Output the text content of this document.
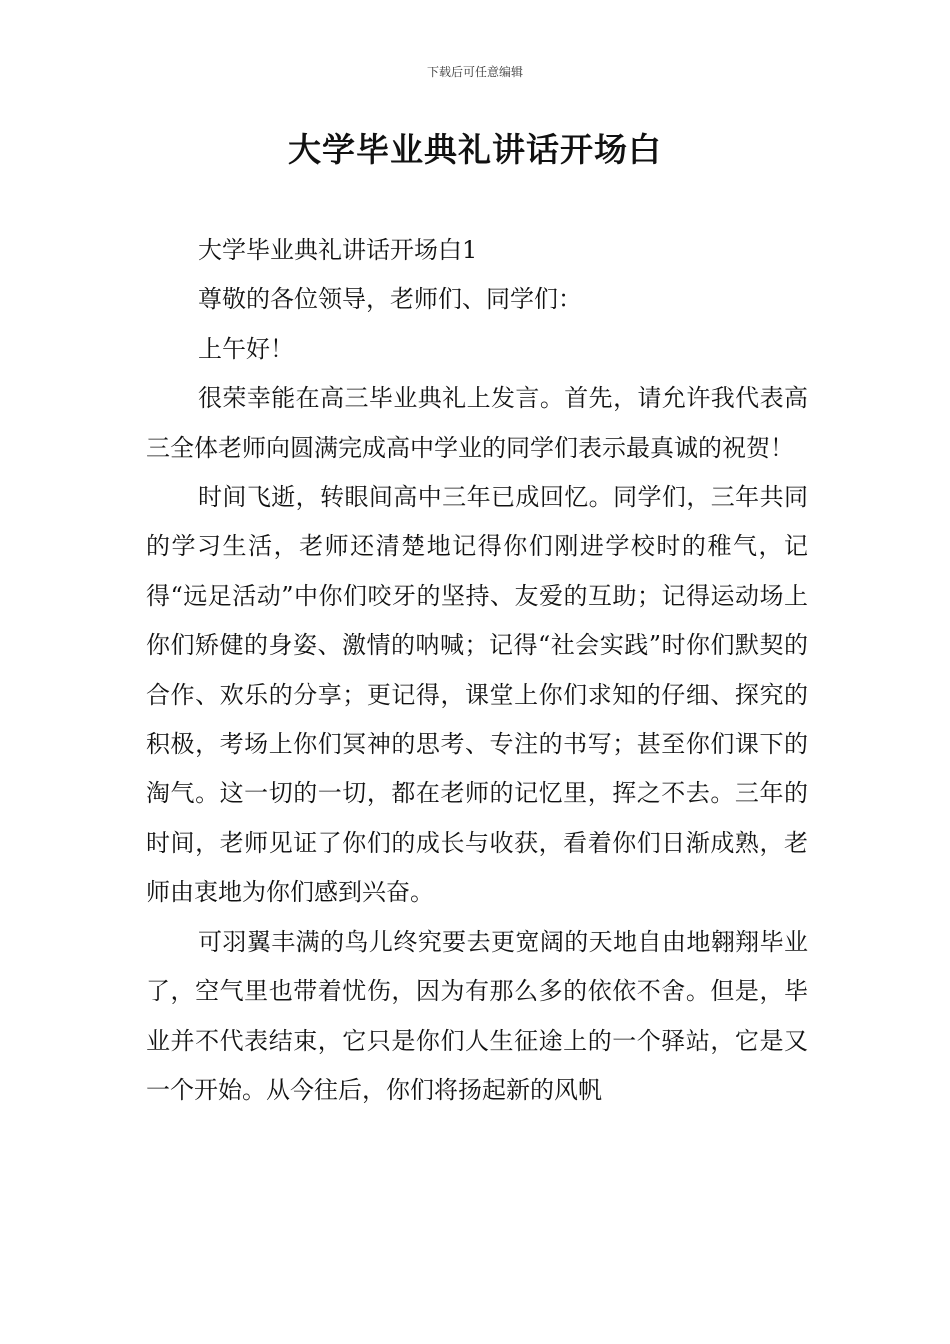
下载后可任意编辑
大学毕业典礼讲话开场白

大学毕业典礼讲话开场白1

尊敬的各位领导，老师们、同学们：

上午好！

很荣幸能在高三毕业典礼上发言。首先，请允许我代表高三全体老师向圆满完成高中学业的同学们表示最真诚的祝贺！

时间飞逝，转眼间高中三年已成回忆。同学们，三年共同的学习生活，老师还清楚地记得你们刚进学校时的稚气，记得“远足活动”中你们咬牙的坚持、友爱的互助；记得运动场上你们矫健的身姿、激情的呐喊；记得“社会实践”时你们默契的合作、欢乐的分享；更记得，课堂上你们求知的仔细、探究的积极，考场上你们冥神的思考、专注的书写；甚至你们课下的淘气。这一切的一切，都在老师的记忆里，挥之不去。三年的时间，老师见证了你们的成长与收获，看着你们日渐成熟，老师由衷地为你们感到兴奋。

可羽翼丰满的鸟儿终究要去更宽阔的天地自由地翱翔毕业了，空气里也带着忧伤，因为有那么多的依依不舍。但是，毕业并不代表结束，它只是你们人生征途上的一个驿站，它是又一个开始。从今往后，你们将扬起新的风帆
